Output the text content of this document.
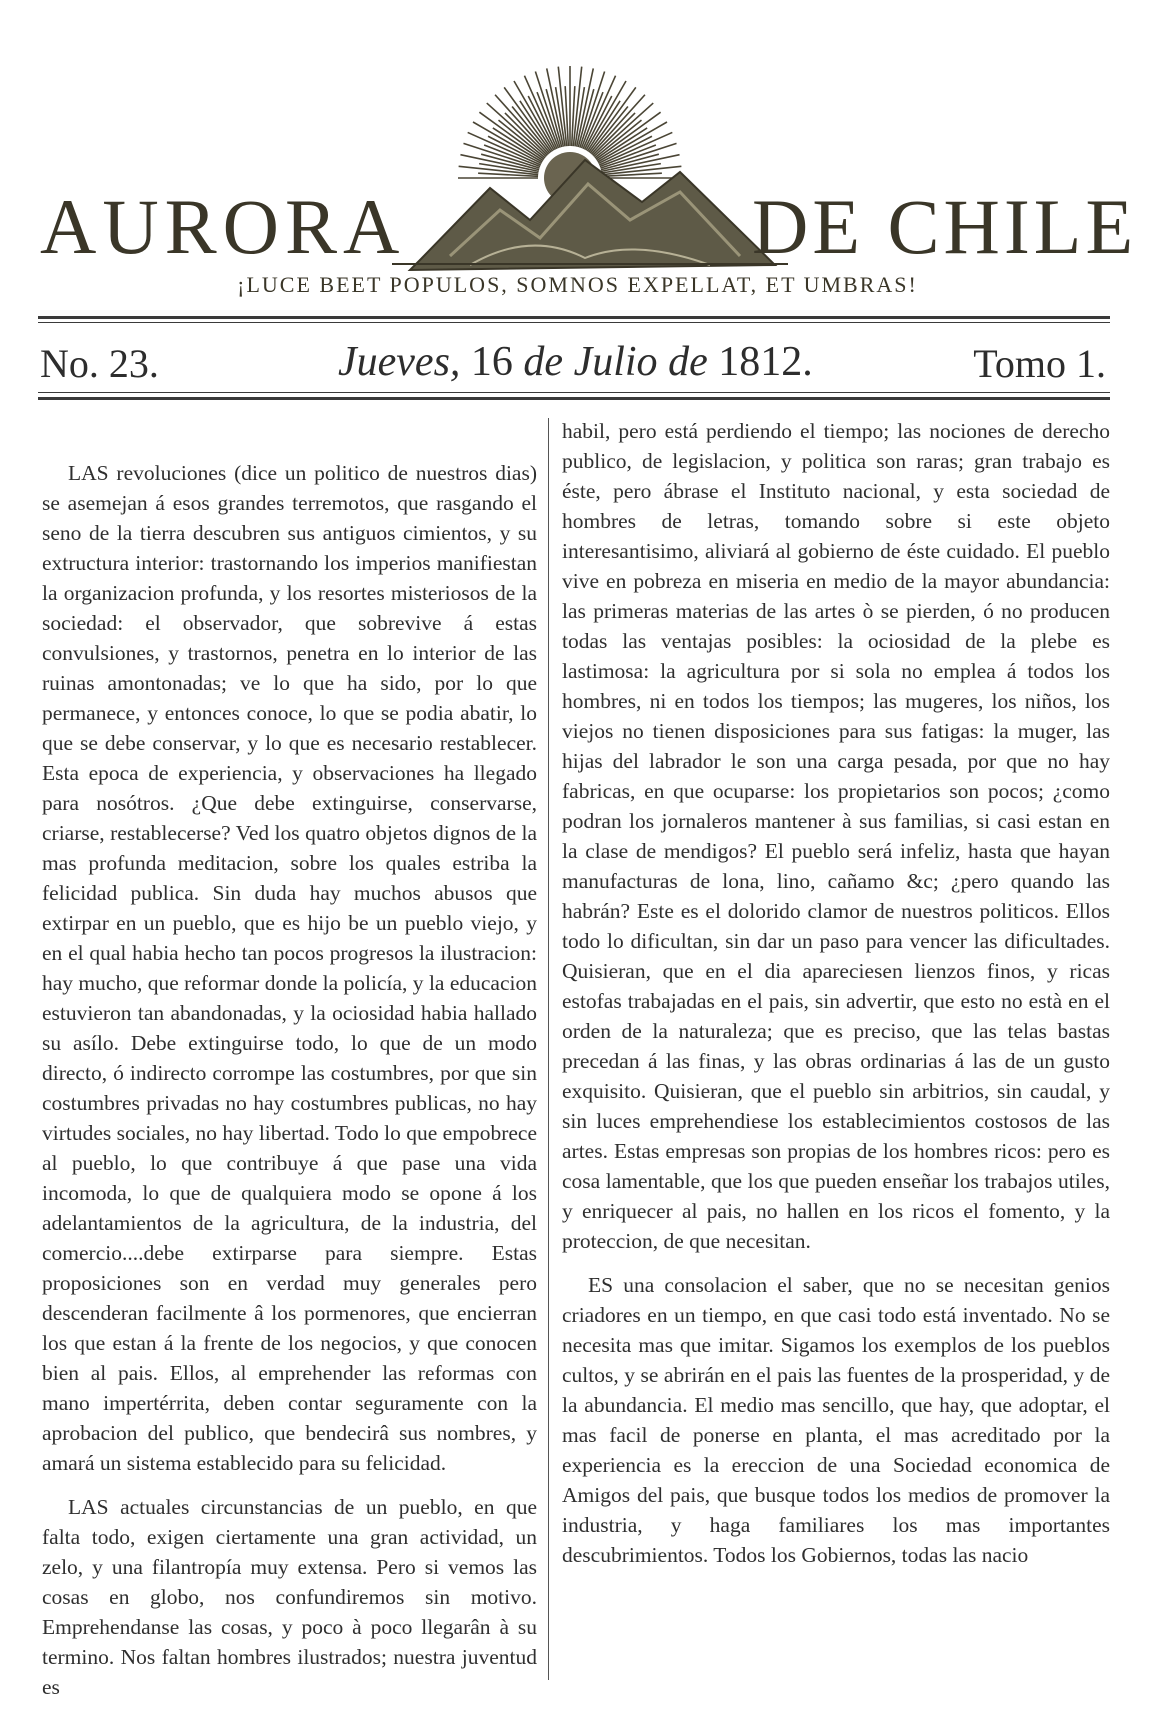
AURORA	DE CHILE
¡LUCE BEET POPULOS, SOMNOS EXPELLAT, ET UMBRAS!
No. 23.	Jueves, 16 de Julio de 1812.	Tomo 1.

LAS revoluciones (dice un politico de nuestros dias) se asemejan á esos grandes terremotos, que rasgando el seno de la tierra descubren sus antiguos cimientos, y su extructura interior: trastornando los imperios manifiestan la organizacion profunda, y los resortes misteriosos de la sociedad: el observador, que sobrevive á estas convulsiones, y trastornos, penetra en lo interior de las ruinas amontonadas; ve lo que ha sido, por lo que permanece, y entonces conoce, lo que se podia abatir, lo que se debe conservar, y lo que es necesario restablecer. Esta epoca de experiencia, y observaciones ha llegado para nosótros. ¿Que debe extinguirse, conservarse, criarse, restablecerse? Ved los quatro objetos dignos de la mas profunda meditacion, sobre los quales estriba la felicidad publica. Sin duda hay muchos abusos que extirpar en un pueblo, que es hijo be un pueblo viejo, y en el qual habia hecho tan pocos progresos la ilustracion: hay mucho, que reformar donde la policía, y la educacion estuvieron tan abandonadas, y la ociosidad habia hallado su asílo. Debe extinguirse todo, lo que de un modo directo, ó indirecto corrompe las costumbres, por que sin costumbres privadas no hay costumbres publicas, no hay virtudes sociales, no hay libertad. Todo lo que empobrece al pueblo, lo que contribuye á que pase una vida incomoda, lo que de qualquiera modo se opone á los adelantamientos de la agricultura, de la industria, del comercio....debe extirparse para siempre. Estas proposiciones son en verdad muy generales pero descenderan facilmente â los pormenores, que encierran los que estan á la frente de los negocios, y que conocen bien al pais. Ellos, al emprehender las reformas con mano impertérrita, deben contar seguramente con la aprobacion del publico, que bendecirâ sus nombres, y amará un sistema establecido para su felicidad.

LAS actuales circunstancias de un pueblo, en que falta todo, exigen ciertamente una gran actividad, un zelo, y una filantropía muy extensa. Pero si vemos las cosas en globo, nos confundiremos sin motivo. Emprehendanse las cosas, y poco à poco llegarân à su termino. Nos faltan hombres ilustrados; nuestra juventud es

habil, pero está perdiendo el tiempo; las nociones de derecho publico, de legislacion, y politica son raras; gran trabajo es éste, pero ábrase el Instituto nacional, y esta sociedad de hombres de letras, tomando sobre si este objeto interesantisimo, aliviará al gobierno de éste cuidado. El pueblo vive en pobreza en miseria en medio de la mayor abundancia: las primeras materias de las artes ò se pierden, ó no producen todas las ventajas posibles: la ociosidad de la plebe es lastimosa: la agricultura por si sola no emplea á todos los hombres, ni en todos los tiempos; las mugeres, los niños, los viejos no tienen disposiciones para sus fatigas: la muger, las hijas del labrador le son una carga pesada, por que no hay fabricas, en que ocuparse: los propietarios son pocos; ¿como podran los jornaleros mantener à sus familias, si casi estan en la clase de mendigos? El pueblo será infeliz, hasta que hayan manufacturas de lona, lino, cañamo &c; ¿pero quando las habrán? Este es el dolorido clamor de nuestros politicos. Ellos todo lo dificultan, sin dar un paso para vencer las dificultades. Quisieran, que en el dia apareciesen lienzos finos, y ricas estofas trabajadas en el pais, sin advertir, que esto no està en el orden de la naturaleza; que es preciso, que las telas bastas precedan á las finas, y las obras ordinarias á las de un gusto exquisito. Quisieran, que el pueblo sin arbitrios, sin caudal, y sin luces emprehendiese los establecimientos costosos de las artes. Estas empresas son propias de los hombres ricos: pero es cosa lamentable, que los que pueden enseñar los trabajos utiles, y enriquecer al pais, no hallen en los ricos el fomento, y la proteccion, de que necesitan.

ES una consolacion el saber, que no se necesitan genios criadores en un tiempo, en que casi todo está inventado. No se necesita mas que imitar. Sigamos los exemplos de los pueblos cultos, y se abrirán en el pais las fuentes de la prosperidad, y de la abundancia. El medio mas sencillo, que hay, que adoptar, el mas facil de ponerse en planta, el mas acreditado por la experiencia es la ereccion de una Sociedad economica de Amigos del pais, que busque todos los medios de promover la industria, y haga familiares los mas importantes descubrimientos. Todos los Gobiernos, todas las nacio
